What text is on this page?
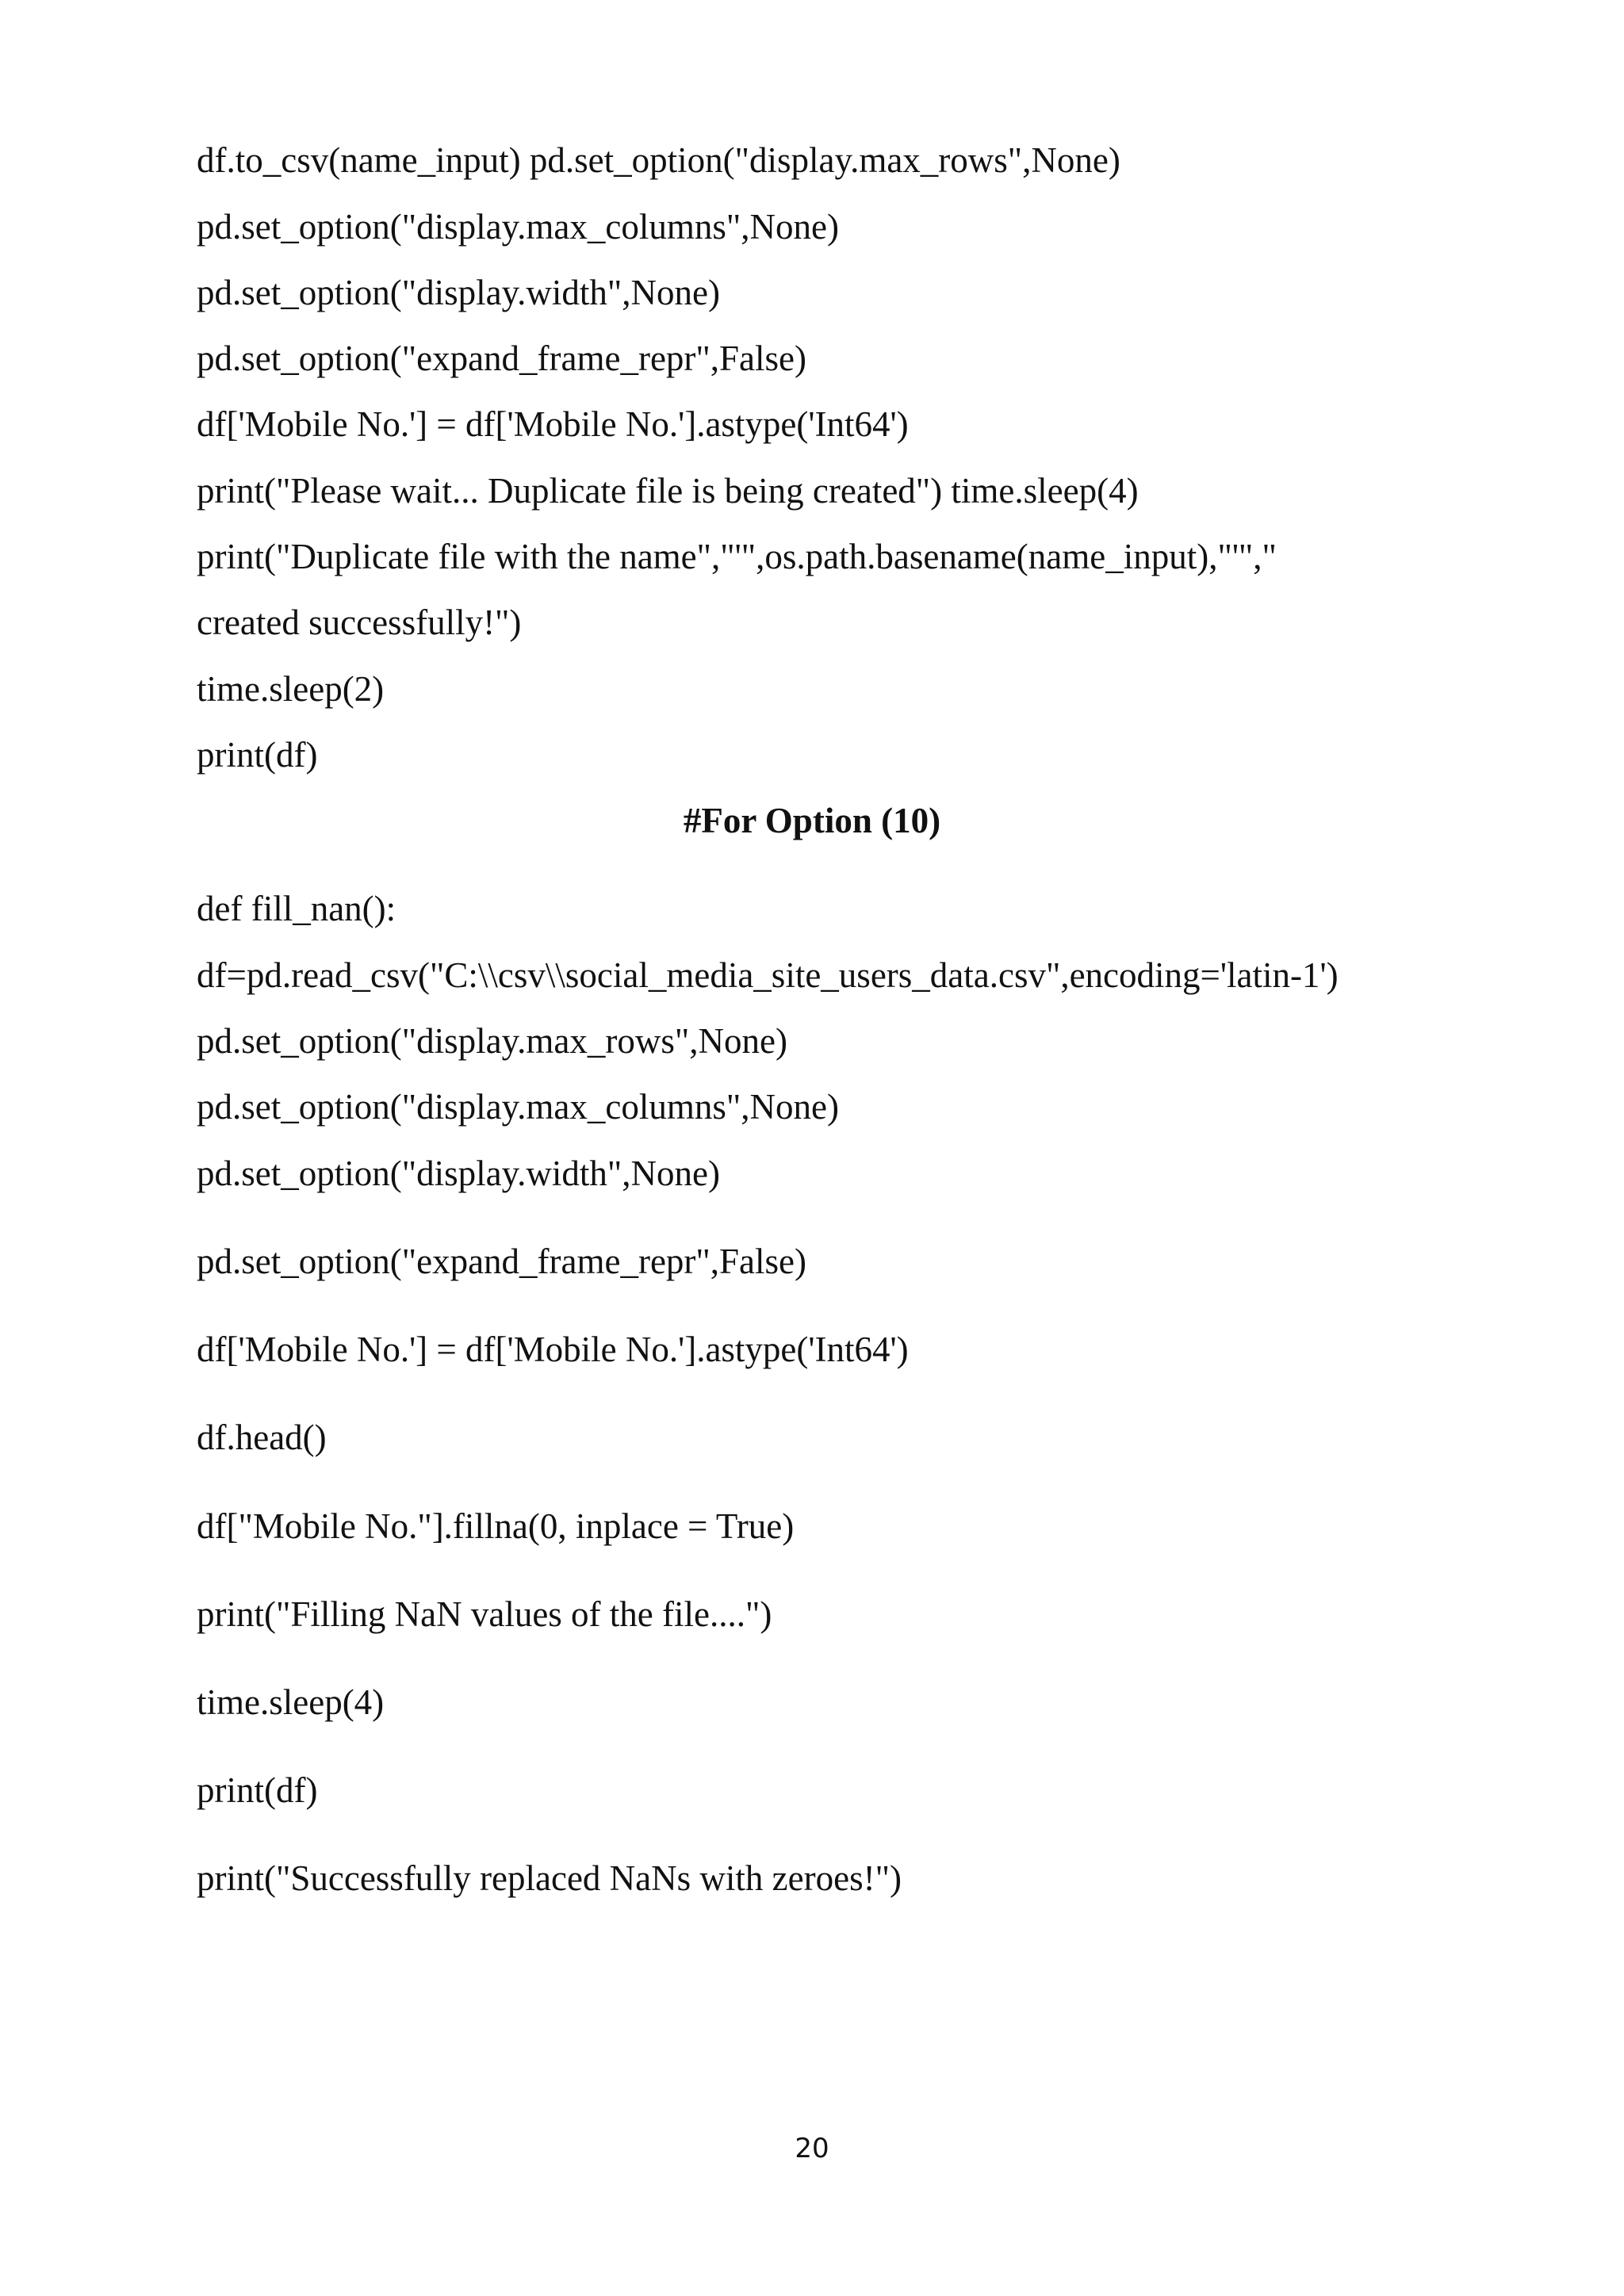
df.to_csv(name_input) pd.set_option("display.max_rows",None)
pd.set_option("display.max_columns",None)
pd.set_option("display.width",None)
pd.set_option("expand_frame_repr",False)
df['Mobile No.'] = df['Mobile No.'].astype('Int64')
print("Please wait... Duplicate file is being created") time.sleep(4)
print("Duplicate file with the name","'",os.path.basename(name_input),"'","
created successfully!")
time.sleep(2)
print(df)
#For Option (10)
def fill_nan():
df=pd.read_csv("C:\\csv\\social_media_site_users_data.csv",encoding='latin-1')
pd.set_option("display.max_rows",None)
pd.set_option("display.max_columns",None)
pd.set_option("display.width",None)
pd.set_option("expand_frame_repr",False)
df['Mobile No.'] = df['Mobile No.'].astype('Int64')
df.head()
df["Mobile No."].fillna(0, inplace = True)
print("Filling NaN values of the file....")
time.sleep(4)
print(df)
print("Successfully replaced NaNs with zeroes!")
20
